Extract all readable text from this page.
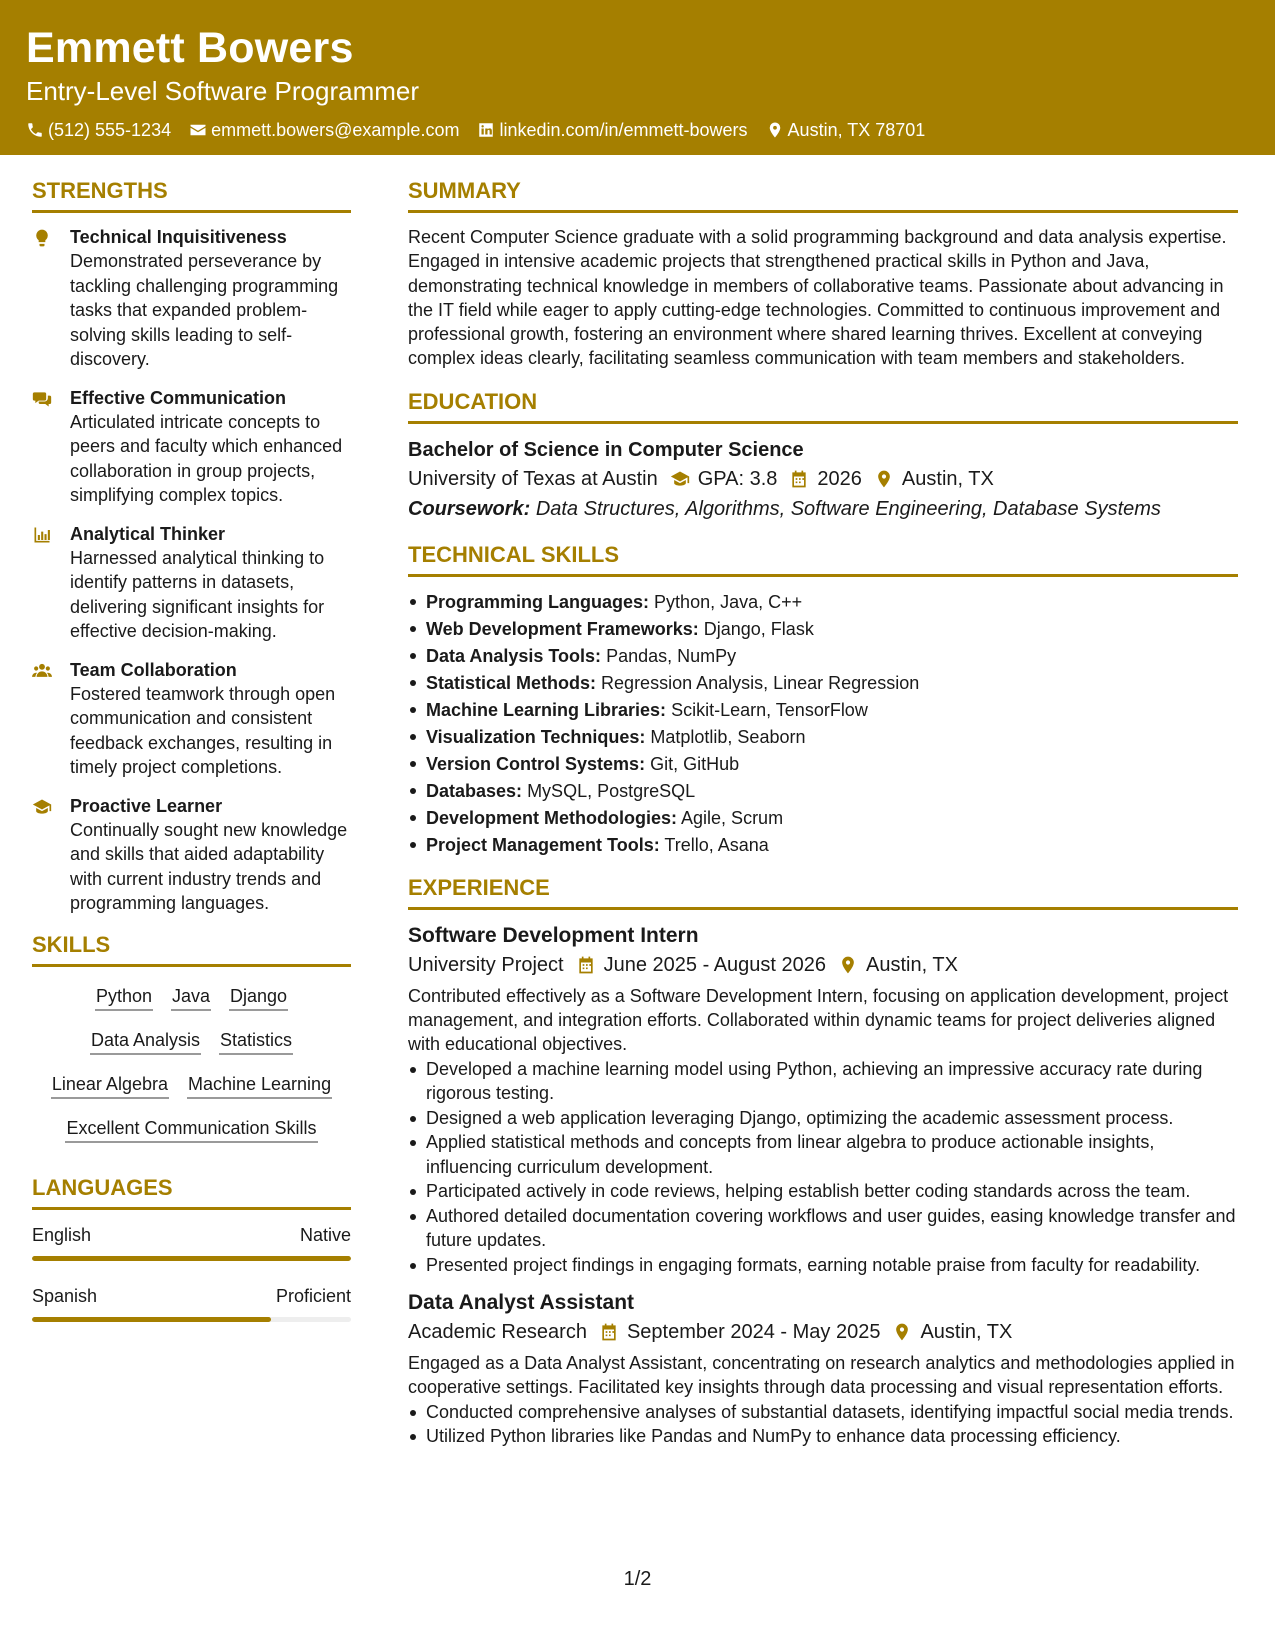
Emmett Bowers
Entry-Level Software Programmer
(512) 555-1234 emmett.bowers@example.com linkedin.com/in/emmett-bowers Austin, TX 78701
STRENGTHS
Technical Inquisitiveness
Demonstrated perseverance by tackling challenging programming tasks that expanded problem-solving skills leading to self-discovery.
Effective Communication
Articulated intricate concepts to peers and faculty which enhanced collaboration in group projects, simplifying complex topics.
Analytical Thinker
Harnessed analytical thinking to identify patterns in datasets, delivering significant insights for effective decision-making.
Team Collaboration
Fostered teamwork through open communication and consistent feedback exchanges, resulting in timely project completions.
Proactive Learner
Continually sought new knowledge and skills that aided adaptability with current industry trends and programming languages.
SKILLS
Python Java Django
Data Analysis Statistics
Linear Algebra Machine Learning
Excellent Communication Skills
LANGUAGES
English	Native
Spanish	Proficient
SUMMARY
Recent Computer Science graduate with a solid programming background and data analysis expertise. Engaged in intensive academic projects that strengthened practical skills in Python and Java, demonstrating technical knowledge in members of collaborative teams. Passionate about advancing in the IT field while eager to apply cutting-edge technologies. Committed to continuous improvement and professional growth, fostering an environment where shared learning thrives. Excellent at conveying complex ideas clearly, facilitating seamless communication with team members and stakeholders.
EDUCATION
Bachelor of Science in Computer Science
University of Texas at Austin GPA: 3.8 2026 Austin, TX
Coursework: Data Structures, Algorithms, Software Engineering, Database Systems
TECHNICAL SKILLS
Programming Languages: Python, Java, C++
Web Development Frameworks: Django, Flask
Data Analysis Tools: Pandas, NumPy
Statistical Methods: Regression Analysis, Linear Regression
Machine Learning Libraries: Scikit-Learn, TensorFlow
Visualization Techniques: Matplotlib, Seaborn
Version Control Systems: Git, GitHub
Databases: MySQL, PostgreSQL
Development Methodologies: Agile, Scrum
Project Management Tools: Trello, Asana
EXPERIENCE
Software Development Intern
University Project June 2025 - August 2026 Austin, TX
Contributed effectively as a Software Development Intern, focusing on application development, project management, and integration efforts. Collaborated within dynamic teams for project deliveries aligned with educational objectives.
Developed a machine learning model using Python, achieving an impressive accuracy rate during rigorous testing.
Designed a web application leveraging Django, optimizing the academic assessment process.
Applied statistical methods and concepts from linear algebra to produce actionable insights, influencing curriculum development.
Participated actively in code reviews, helping establish better coding standards across the team.
Authored detailed documentation covering workflows and user guides, easing knowledge transfer and future updates.
Presented project findings in engaging formats, earning notable praise from faculty for readability.
Data Analyst Assistant
Academic Research September 2024 - May 2025 Austin, TX
Engaged as a Data Analyst Assistant, concentrating on research analytics and methodologies applied in cooperative settings. Facilitated key insights through data processing and visual representation efforts.
Conducted comprehensive analyses of substantial datasets, identifying impactful social media trends.
Utilized Python libraries like Pandas and NumPy to enhance data processing efficiency.
1/2
